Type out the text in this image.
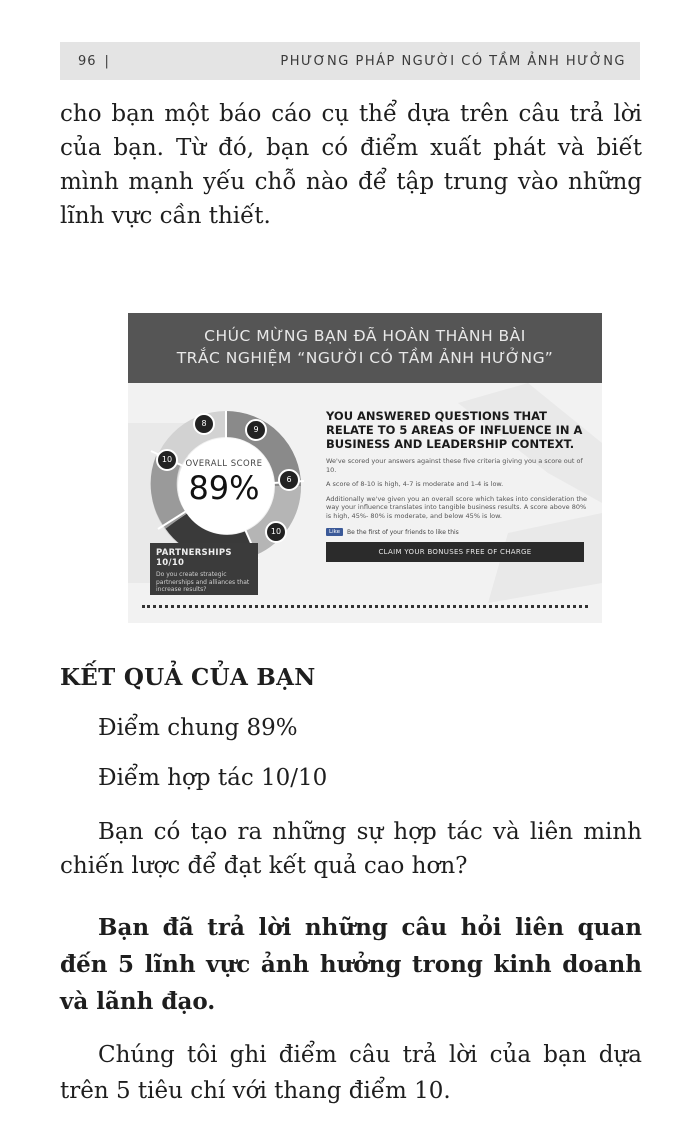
96 |	PHƯƠNG PHÁP NGƯỜI CÓ TẦM ẢNH HƯỞNG

cho bạn một báo cáo cụ thể dựa trên câu trả lời của bạn. Từ đó, bạn có điểm xuất phát và biết mình mạnh yếu chỗ nào để tập trung vào những lĩnh vực cần thiết.

CHÚC MỪNG BẠN ĐÃ HOÀN THÀNH BÀI
TRẮC NGHIỆM “NGƯỜI CÓ TẦM ẢNH HƯỞNG”
OVERALL SCORE
89%
8
9
10
6
10
PARTNERSHIPS 10/10
Do you create strategic partnerships and alliances that increase results?

YOU ANSWERED QUESTIONS THAT RELATE TO 5 AREAS OF INFLUENCE IN A BUSINESS AND LEADERSHIP CONTEXT.

We've scored your answers against these five criteria giving you a score out of 10.

A score of 8-10 is high, 4-7 is moderate and 1-4 is low.

Additionally we've given you an overall score which takes into consideration the way your influence translates into tangible business results. A score above 80% is high, 45%- 80% is moderate, and below 45% is low.

Like	Be the first of your friends to like this
CLAIM YOUR BONUSES FREE OF CHARGE
KẾT QUẢ CỦA BẠN

Điểm chung 89%

Điểm hợp tác 10/10

Bạn có tạo ra những sự hợp tác và liên minh chiến lược để đạt kết quả cao hơn?

Bạn đã trả lời những câu hỏi liên quan đến 5 lĩnh vực ảnh hưởng trong kinh doanh và lãnh đạo.

Chúng tôi ghi điểm câu trả lời của bạn dựa trên 5 tiêu chí với thang điểm 10.
